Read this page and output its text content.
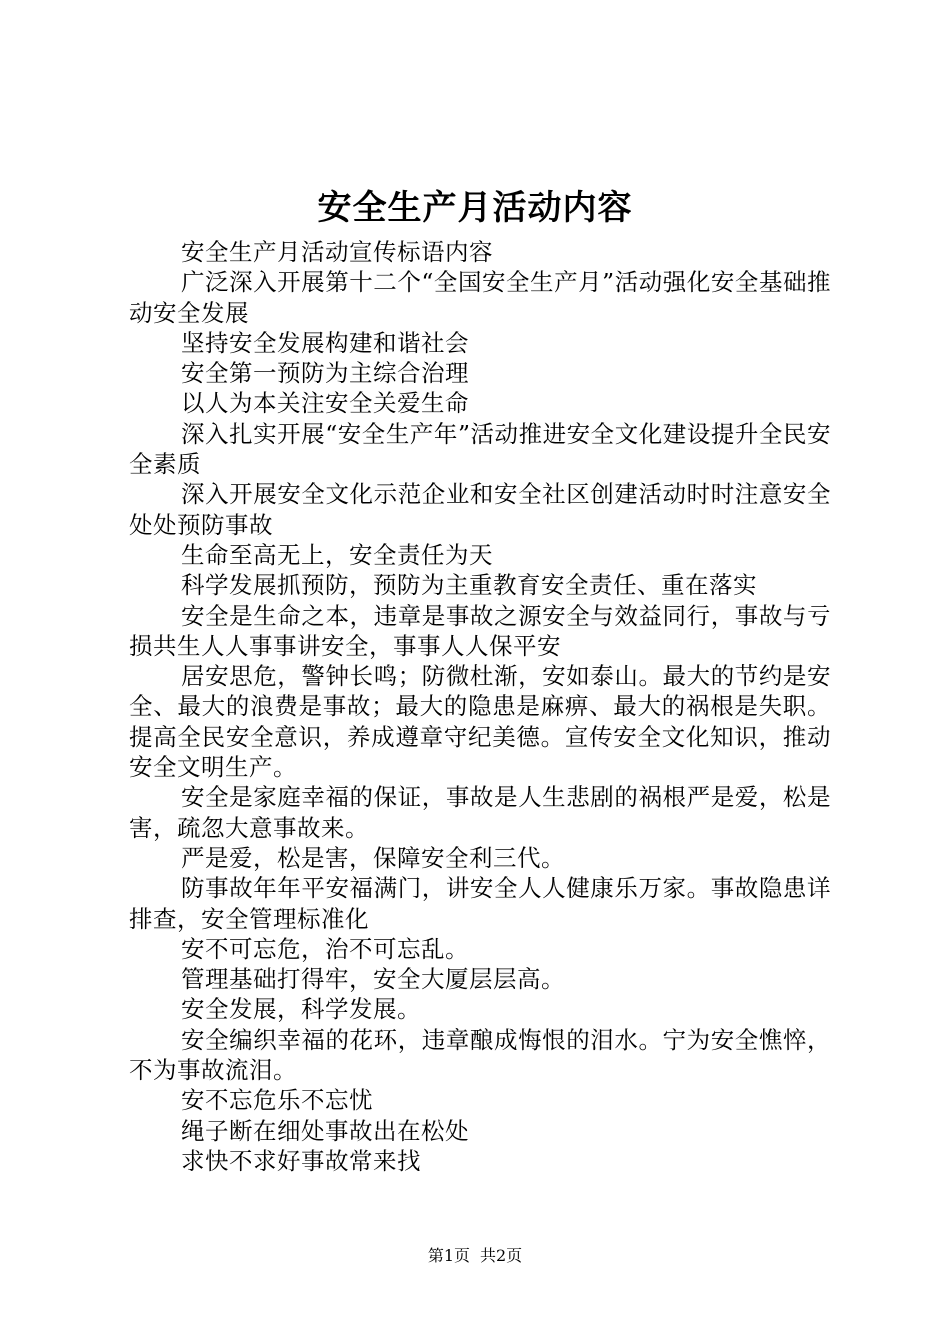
安全生产月活动内容

安全生产月活动宣传标语内容

广泛深入开展第十二个“全国安全生产月”活动强化安全基础推动安全发展

坚持安全发展构建和谐社会

安全第一预防为主综合治理

以人为本关注安全关爱生命

深入扎实开展“安全生产年”活动推进安全文化建设提升全民安全素质

深入开展安全文化示范企业和安全社区创建活动时时注意安全处处预防事故

生命至高无上，安全责任为天

科学发展抓预防，预防为主重教育安全责任、重在落实

安全是生命之本，违章是事故之源安全与效益同行，事故与亏损共生人人事事讲安全，事事人人保平安

居安思危，警钟长鸣；防微杜渐，安如泰山。最大的节约是安全、最大的浪费是事故；最大的隐患是麻痹、最大的祸根是失职。提高全民安全意识，养成遵章守纪美德。宣传安全文化知识，推动安全文明生产。

安全是家庭幸福的保证，事故是人生悲剧的祸根严是爱，松是害，疏忽大意事故来。

严是爱，松是害，保障安全利三代。

防事故年年平安福满门，讲安全人人健康乐万家。事故隐患详排查，安全管理标准化

安不可忘危，治不可忘乱。

管理基础打得牢，安全大厦层层高。

安全发展，科学发展。

安全编织幸福的花环，违章酿成悔恨的泪水。宁为安全憔悴，不为事故流泪。

安不忘危乐不忘忧

绳子断在细处事故出在松处

求快不求好事故常来找

第1页 共2页
